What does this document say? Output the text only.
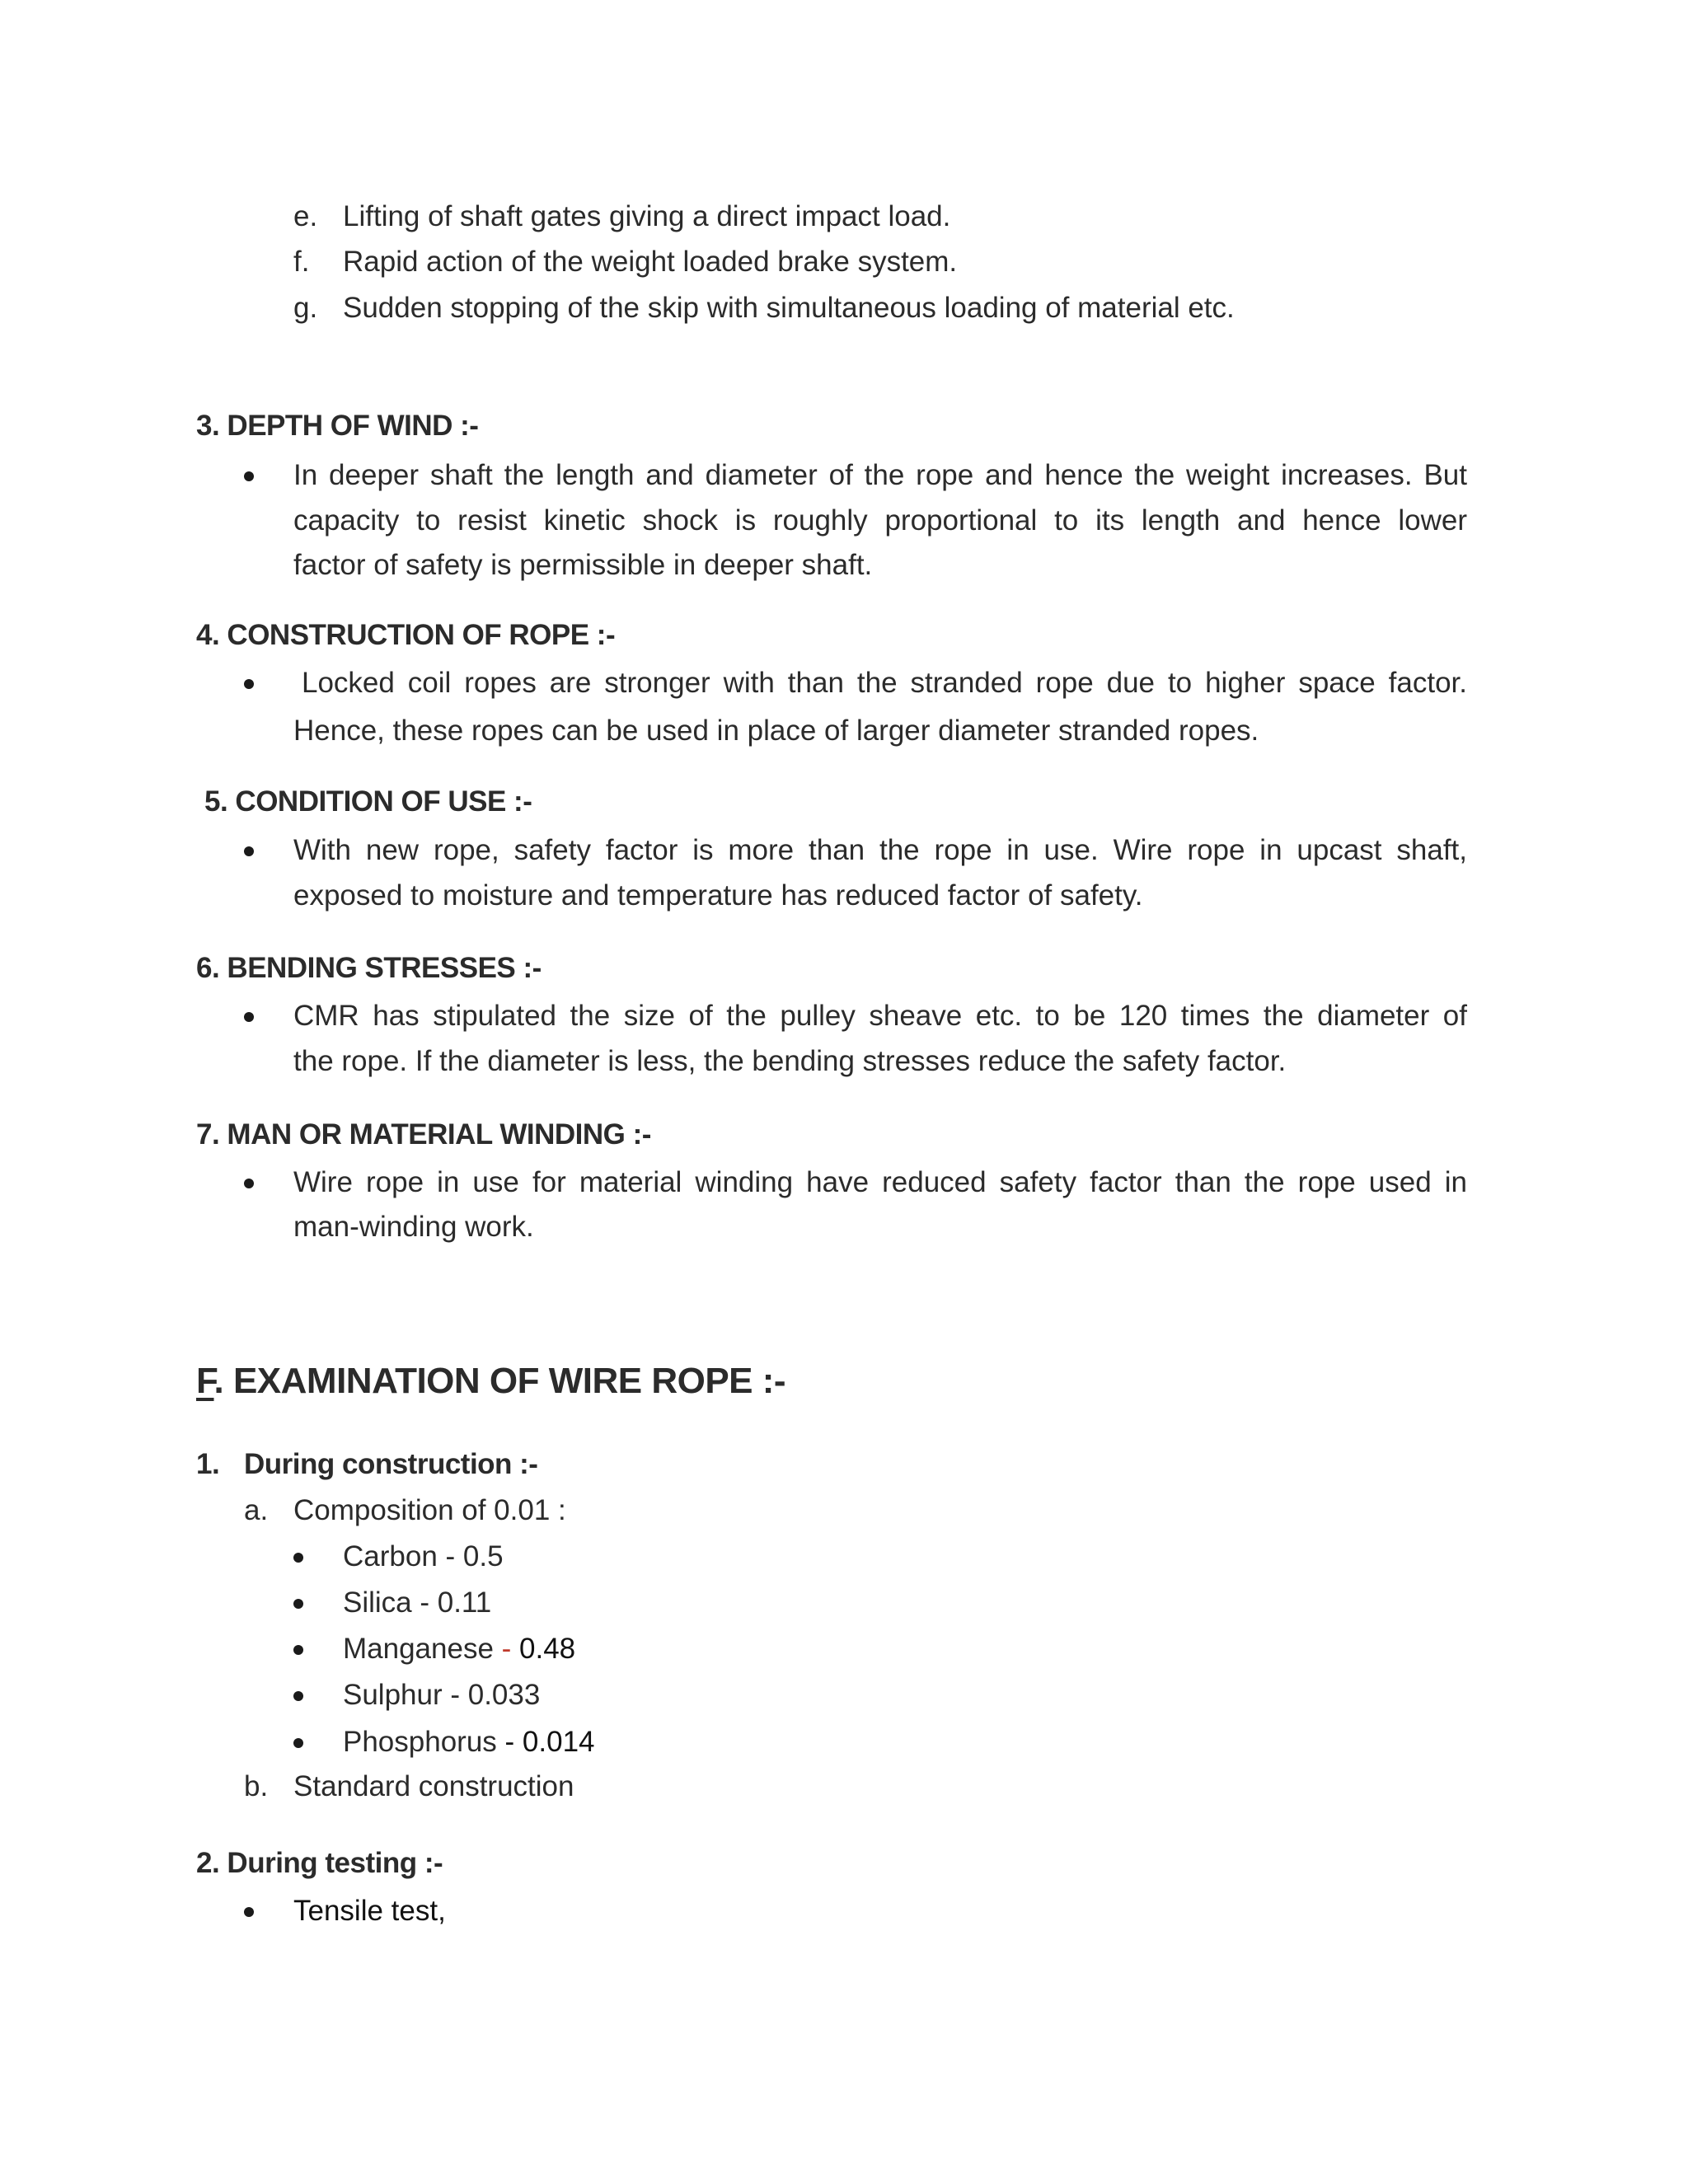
e. Lifting of shaft gates giving a direct impact load.
f. Rapid action of the weight loaded brake system.
g. Sudden stopping of the skip with simultaneous loading of material etc.
3. DEPTH OF WIND :-
In deeper shaft the length and diameter of the rope and hence the weight increases. But
capacity to resist kinetic shock is roughly proportional to its length and hence lower
factor of safety is permissible in deeper shaft.
4. CONSTRUCTION OF ROPE :-
Locked coil ropes are stronger with than the stranded rope due to higher space factor.
Hence, these ropes can be used in place of larger diameter stranded ropes.
5. CONDITION OF USE :-
With new rope, safety factor is more than the rope in use. Wire rope in upcast shaft,
exposed to moisture and temperature has reduced factor of safety.
6. BENDING STRESSES :-
CMR has stipulated the size of the pulley sheave etc. to be 120 times the diameter of
the rope. If the diameter is less, the bending stresses reduce the safety factor.
7. MAN OR MATERIAL WINDING :-
Wire rope in use for material winding have reduced safety factor than the rope used in
man-winding work.
F. EXAMINATION OF WIRE ROPE :-
1. During construction :-
a. Composition of 0.01 :
Carbon - 0.5
Silica - 0.11
Manganese - 0.48
Sulphur - 0.033
Phosphorus - 0.014
b. Standard construction
2. During testing :-
Tensile test,
